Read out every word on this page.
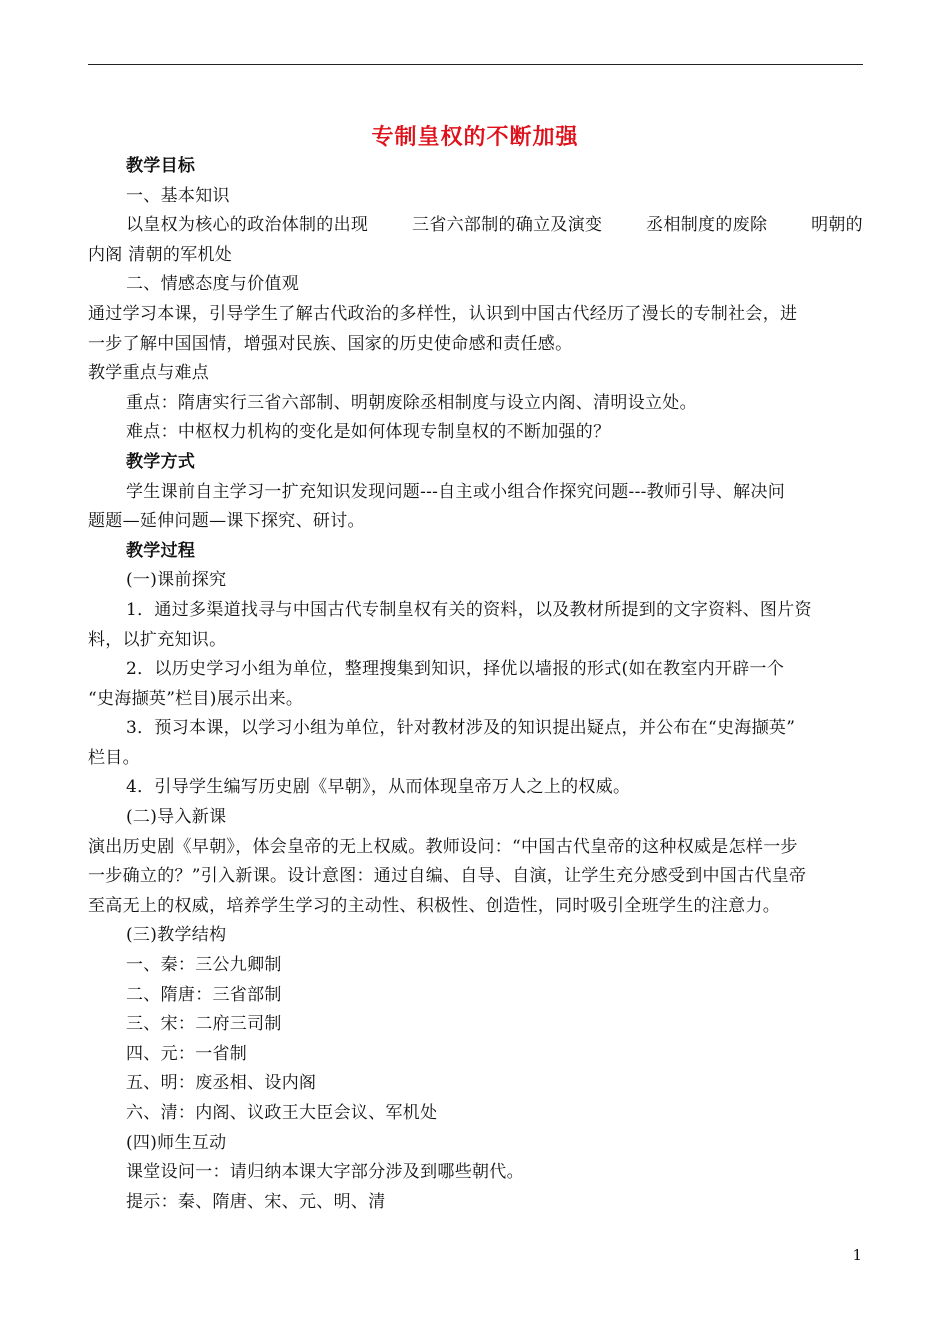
专制皇权的不断加强
教学目标
一、基本知识
以皇权为核心的政治体制的出现	三省六部制的确立及演变	丞相制度的废除	明朝的
内阁 清朝的军机处
二、情感态度与价值观
通过学习本课，引导学生了解古代政治的多样性，认识到中国古代经历了漫长的专制社会，进
一步了解中国国情，增强对民族、国家的历史使命感和责任感。
教学重点与难点
重点：隋唐实行三省六部制、明朝废除丞相制度与设立内阁、清明设立处。
难点：中枢权力机构的变化是如何体现专制皇权的不断加强的？
教学方式
学生课前自主学习一扩充知识发现问题---自主或小组合作探究问题---教师引导、解决问
题题—延伸问题—课下探究、研讨。
教学过程
(一)课前探究
1．通过多渠道找寻与中国古代专制皇权有关的资料，以及教材所提到的文字资料、图片资
料，以扩充知识。
2．以历史学习小组为单位，整理搜集到知识，择优以墙报的形式(如在教室内开辟一个
“史海撷英”栏目)展示出来。
3．预习本课，以学习小组为单位，针对教材涉及的知识提出疑点，并公布在“史海撷英”
栏目。
4．引导学生编写历史剧《早朝》，从而体现皇帝万人之上的权威。
(二)导入新课
演出历史剧《早朝》，体会皇帝的无上权威。教师设问：“中国古代皇帝的这种权威是怎样一步
一步确立的？”引入新课。设计意图：通过自编、自导、自演，让学生充分感受到中国古代皇帝
至高无上的权威，培养学生学习的主动性、积极性、创造性，同时吸引全班学生的注意力。
(三)教学结构
一、秦：三公九卿制
二、隋唐：三省部制
三、宋：二府三司制
四、元：一省制
五、明：废丞相、设内阁
六、清：内阁、议政王大臣会议、军机处
(四)师生互动
课堂设问一：请归纳本课大字部分涉及到哪些朝代。
提示：秦、隋唐、宋、元、明、清
1
